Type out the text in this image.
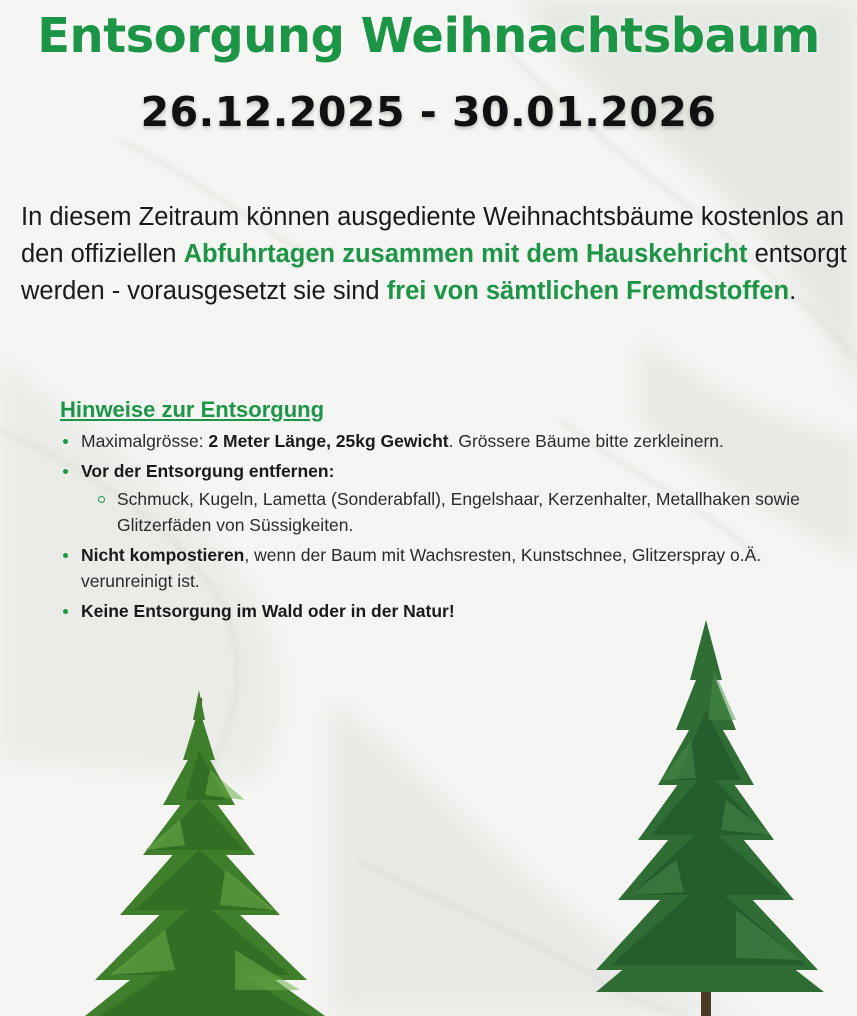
Entsorgung Weihnachtsbaum
26.12.2025 - 30.01.2026
In diesem Zeitraum können ausgediente Weihnachtsbäume kostenlos an den offiziellen Abfuhrtagen zusammen mit dem Hauskehricht entsorgt werden - vorausgesetzt sie sind frei von sämtlichen Fremdstoffen.
Hinweise zur Entsorgung
Maximalgrösse: 2 Meter Länge, 25kg Gewicht. Grössere Bäume bitte zerkleinern.
Vor der Entsorgung entfernen:
Schmuck, Kugeln, Lametta (Sonderabfall), Engelshaar, Kerzenhalter, Metallhaken sowie Glitzerfäden von Süssigkeiten.
Nicht kompostieren, wenn der Baum mit Wachsresten, Kunstschnee, Glitzerspray o.Ä. verunreinigt ist.
Keine Entsorgung im Wald oder in der Natur!
